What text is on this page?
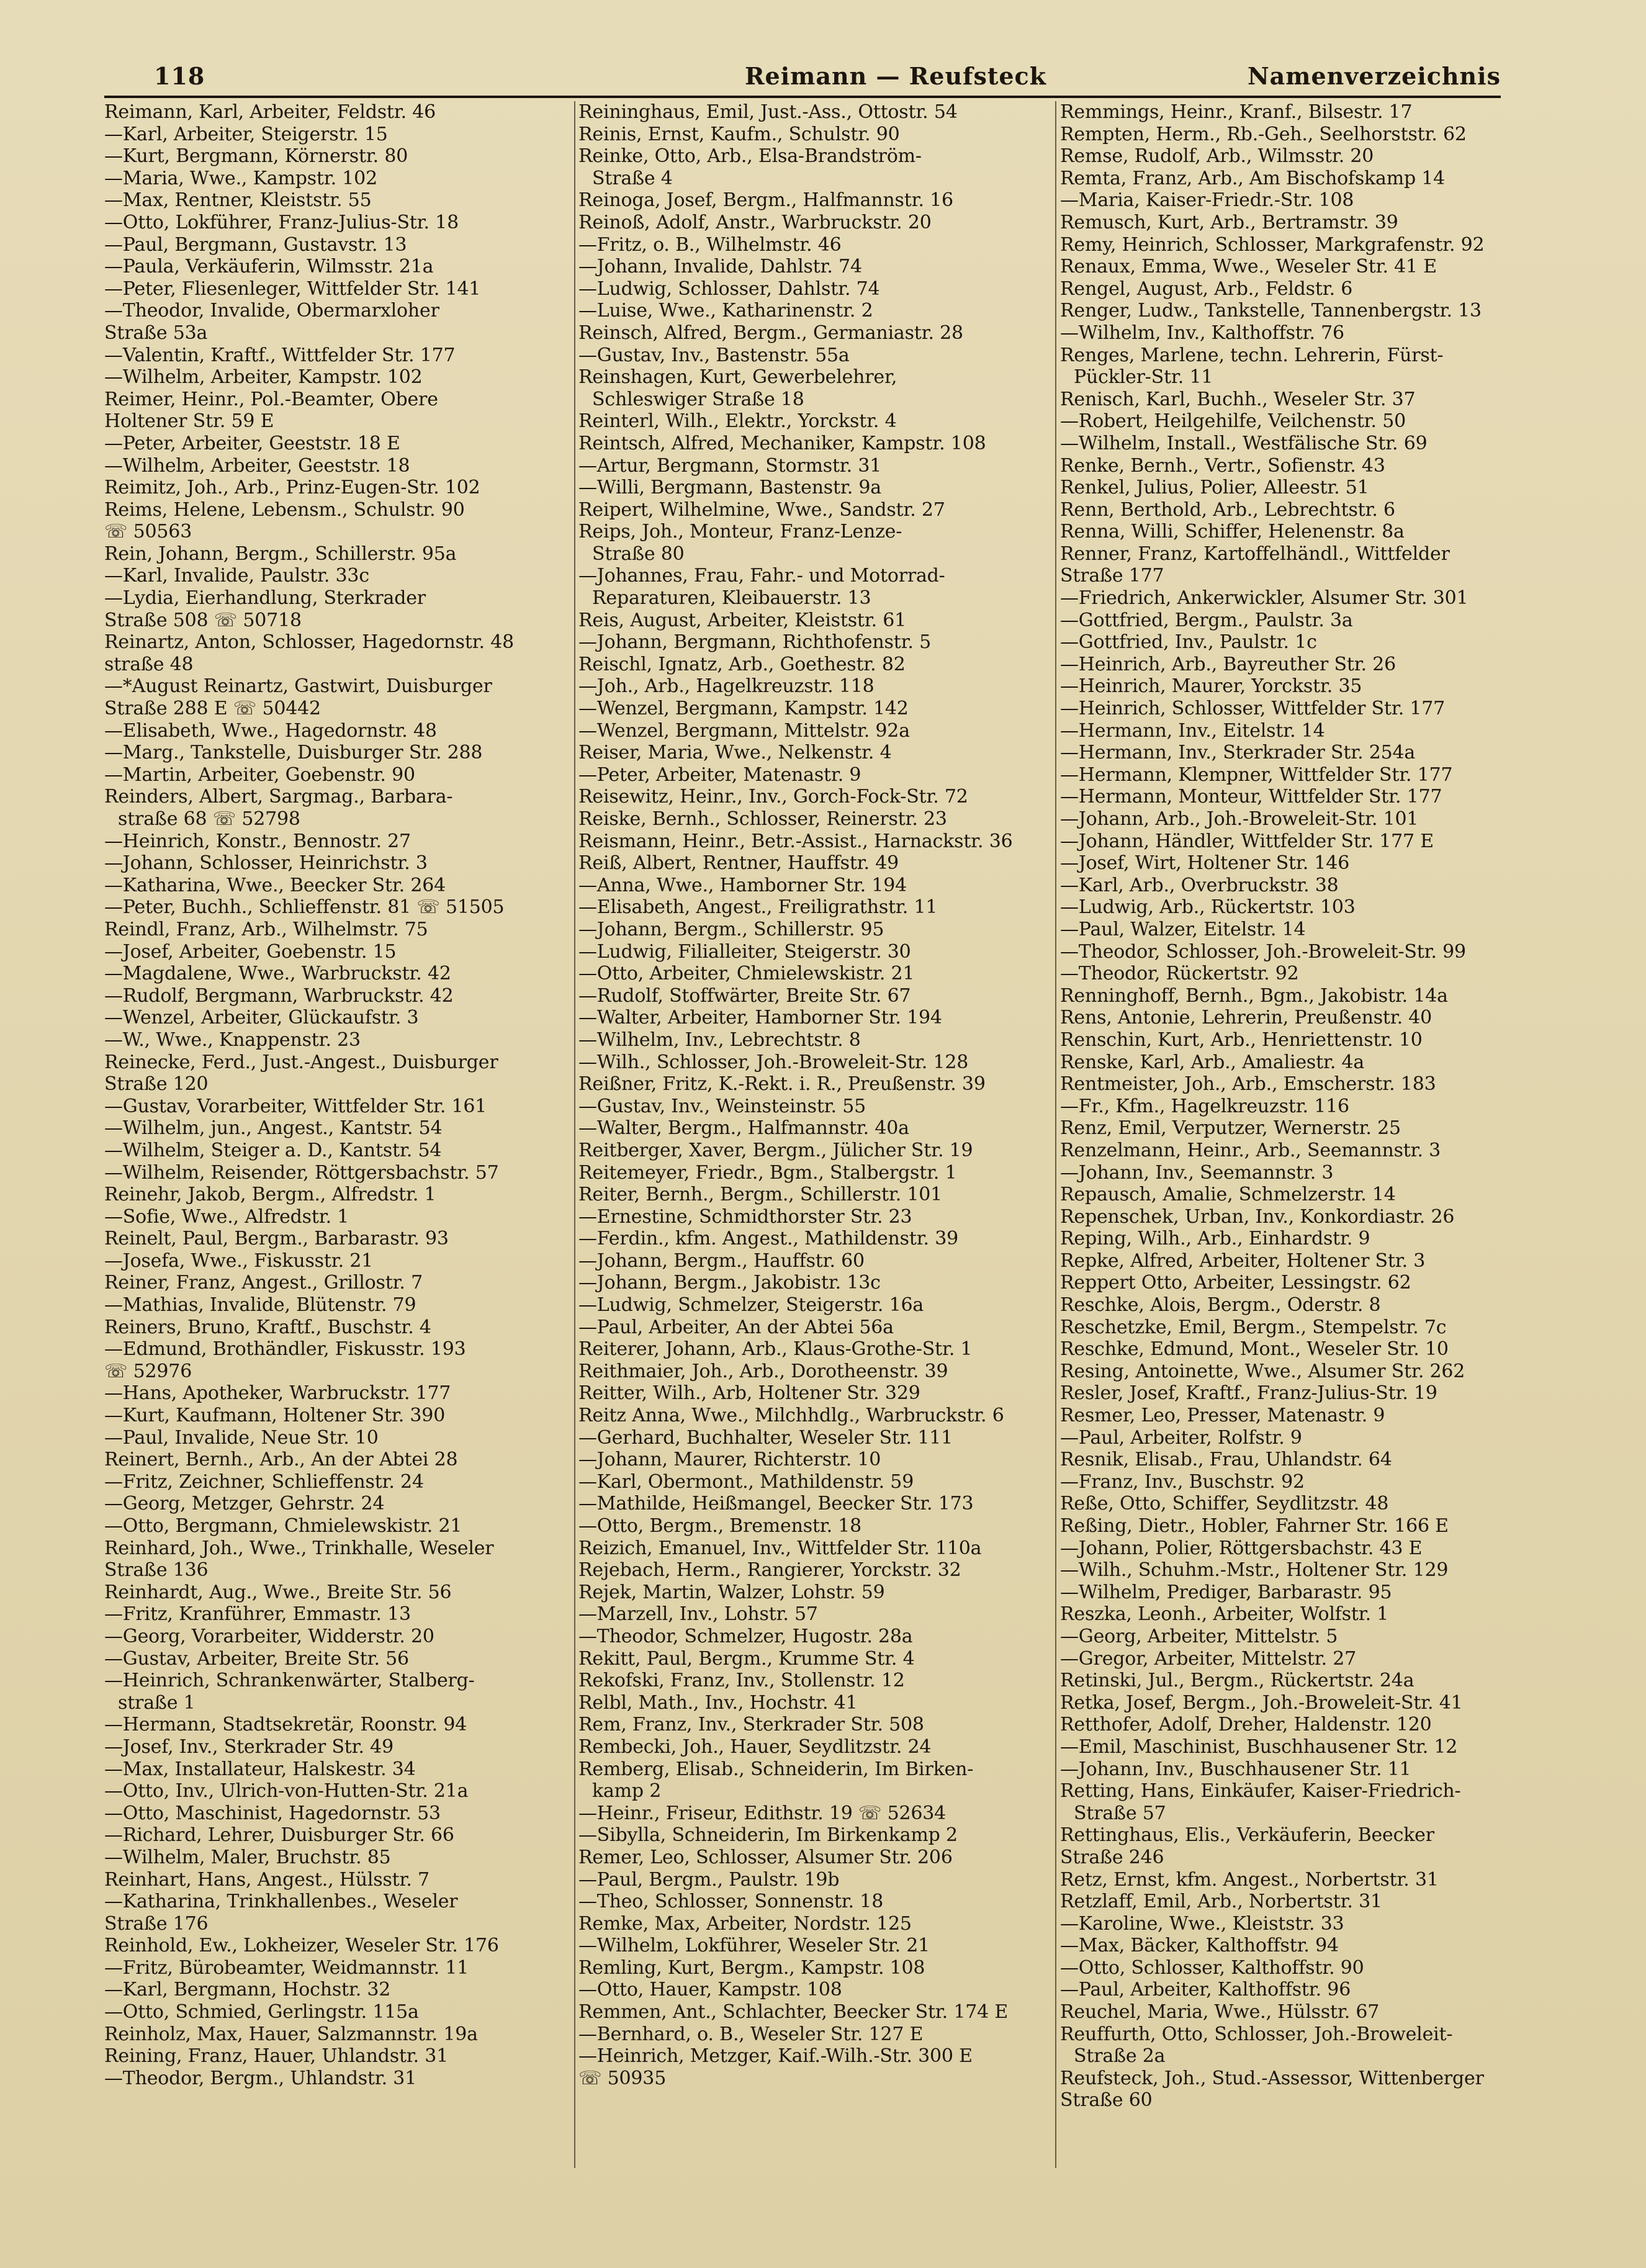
118	Reimann — Reufsteck	Namenverzeichnis
Reimann, Karl, Arbeiter, Feldstr. 46
—Karl, Arbeiter, Steigerstr. 15
—Kurt, Bergmann, Körnerstr. 80
—Maria, Wwe., Kampstr. 102
—Max, Rentner, Kleiststr. 55
—Otto, Lokführer, Franz-Julius-Str. 18
—Paul, Bergmann, Gustavstr. 13
—Paula, Verkäuferin, Wilmsstr. 21a
—Peter, Fliesenleger, Wittfelder Str. 141
—Theodor, Invalide, Obermarxloher
Straße 53a
—Valentin, Kraftf., Wittfelder Str. 177
—Wilhelm, Arbeiter, Kampstr. 102
Reimer, Heinr., Pol.-Beamter, Obere
Holtener Str. 59 E
—Peter, Arbeiter, Geeststr. 18 E
—Wilhelm, Arbeiter, Geeststr. 18
Reimitz, Joh., Arb., Prinz-Eugen-Str. 102
Reims, Helene, Lebensm., Schulstr. 90
☏ 50563
Rein, Johann, Bergm., Schillerstr. 95a
—Karl, Invalide, Paulstr. 33c
—Lydia, Eierhandlung, Sterkrader
Straße 508 ☏ 50718
Reinartz, Anton, Schlosser, Hagedornstr. 48
straße 48
—*August Reinartz, Gastwirt, Duisburger
Straße 288 E ☏ 50442
—Elisabeth, Wwe., Hagedornstr. 48
—Marg., Tankstelle, Duisburger Str. 288
—Martin, Arbeiter, Goebenstr. 90
Reinders, Albert, Sargmag., Barbara-
straße 68 ☏ 52798
—Heinrich, Konstr., Bennostr. 27
—Johann, Schlosser, Heinrichstr. 3
—Katharina, Wwe., Beecker Str. 264
—Peter, Buchh., Schlieffenstr. 81 ☏ 51505
Reindl, Franz, Arb., Wilhelmstr. 75
—Josef, Arbeiter, Goebenstr. 15
—Magdalene, Wwe., Warbruckstr. 42
—Rudolf, Bergmann, Warbruckstr. 42
—Wenzel, Arbeiter, Glückaufstr. 3
—W., Wwe., Knappenstr. 23
Reinecke, Ferd., Just.-Angest., Duisburger
Straße 120
—Gustav, Vorarbeiter, Wittfelder Str. 161
—Wilhelm, jun., Angest., Kantstr. 54
—Wilhelm, Steiger a. D., Kantstr. 54
—Wilhelm, Reisender, Röttgersbachstr. 57
Reinehr, Jakob, Bergm., Alfredstr. 1
—Sofie, Wwe., Alfredstr. 1
Reinelt, Paul, Bergm., Barbarastr. 93
—Josefa, Wwe., Fiskusstr. 21
Reiner, Franz, Angest., Grillostr. 7
—Mathias, Invalide, Blütenstr. 79
Reiners, Bruno, Kraftf., Buschstr. 4
—Edmund, Brothändler, Fiskusstr. 193
☏ 52976
—Hans, Apotheker, Warbruckstr. 177
—Kurt, Kaufmann, Holtener Str. 390
—Paul, Invalide, Neue Str. 10
Reinert, Bernh., Arb., An der Abtei 28
—Fritz, Zeichner, Schlieffenstr. 24
—Georg, Metzger, Gehrstr. 24
—Otto, Bergmann, Chmielewskistr. 21
Reinhard, Joh., Wwe., Trinkhalle, Weseler
Straße 136
Reinhardt, Aug., Wwe., Breite Str. 56
—Fritz, Kranführer, Emmastr. 13
—Georg, Vorarbeiter, Widderstr. 20
—Gustav, Arbeiter, Breite Str. 56
—Heinrich, Schrankenwärter, Stalberg-
straße 1
—Hermann, Stadtsekretär, Roonstr. 94
—Josef, Inv., Sterkrader Str. 49
—Max, Installateur, Halskestr. 34
—Otto, Inv., Ulrich-von-Hutten-Str. 21a
—Otto, Maschinist, Hagedornstr. 53
—Richard, Lehrer, Duisburger Str. 66
—Wilhelm, Maler, Bruchstr. 85
Reinhart, Hans, Angest., Hülsstr. 7
—Katharina, Trinkhallenbes., Weseler
Straße 176
Reinhold, Ew., Lokheizer, Weseler Str. 176
—Fritz, Bürobeamter, Weidmannstr. 11
—Karl, Bergmann, Hochstr. 32
—Otto, Schmied, Gerlingstr. 115a
Reinholz, Max, Hauer, Salzmannstr. 19a
Reining, Franz, Hauer, Uhlandstr. 31
—Theodor, Bergm., Uhlandstr. 31
Reininghaus, Emil, Just.-Ass., Ottostr. 54
Reinis, Ernst, Kaufm., Schulstr. 90
Reinke, Otto, Arb., Elsa-Brandström-
Straße 4
Reinoga, Josef, Bergm., Halfmannstr. 16
Reinoß, Adolf, Anstr., Warbruckstr. 20
—Fritz, o. B., Wilhelmstr. 46
—Johann, Invalide, Dahlstr. 74
—Ludwig, Schlosser, Dahlstr. 74
—Luise, Wwe., Katharinenstr. 2
Reinsch, Alfred, Bergm., Germaniastr. 28
—Gustav, Inv., Bastenstr. 55a
Reinshagen, Kurt, Gewerbelehrer,
Schleswiger Straße 18
Reinterl, Wilh., Elektr., Yorckstr. 4
Reintsch, Alfred, Mechaniker, Kampstr. 108
—Artur, Bergmann, Stormstr. 31
—Willi, Bergmann, Bastenstr. 9a
Reipert, Wilhelmine, Wwe., Sandstr. 27
Reips, Joh., Monteur, Franz-Lenze-
Straße 80
—Johannes, Frau, Fahr.- und Motorrad-
Reparaturen, Kleibauerstr. 13
Reis, August, Arbeiter, Kleiststr. 61
—Johann, Bergmann, Richthofenstr. 5
Reischl, Ignatz, Arb., Goethestr. 82
—Joh., Arb., Hagelkreuzstr. 118
—Wenzel, Bergmann, Kampstr. 142
—Wenzel, Bergmann, Mittelstr. 92a
Reiser, Maria, Wwe., Nelkenstr. 4
—Peter, Arbeiter, Matenastr. 9
Reisewitz, Heinr., Inv., Gorch-Fock-Str. 72
Reiske, Bernh., Schlosser, Reinerstr. 23
Reismann, Heinr., Betr.-Assist., Harnackstr. 36
Reiß, Albert, Rentner, Hauffstr. 49
—Anna, Wwe., Hamborner Str. 194
—Elisabeth, Angest., Freiligrathstr. 11
—Johann, Bergm., Schillerstr. 95
—Ludwig, Filialleiter, Steigerstr. 30
—Otto, Arbeiter, Chmielewskistr. 21
—Rudolf, Stoffwärter, Breite Str. 67
—Walter, Arbeiter, Hamborner Str. 194
—Wilhelm, Inv., Lebrechtstr. 8
—Wilh., Schlosser, Joh.-Broweleit-Str. 128
Reißner, Fritz, K.-Rekt. i. R., Preußenstr. 39
—Gustav, Inv., Weinsteinstr. 55
—Walter, Bergm., Halfmannstr. 40a
Reitberger, Xaver, Bergm., Jülicher Str. 19
Reitemeyer, Friedr., Bgm., Stalbergstr. 1
Reiter, Bernh., Bergm., Schillerstr. 101
—Ernestine, Schmidthorster Str. 23
—Ferdin., kfm. Angest., Mathildenstr. 39
—Johann, Bergm., Hauffstr. 60
—Johann, Bergm., Jakobistr. 13c
—Ludwig, Schmelzer, Steigerstr. 16a
—Paul, Arbeiter, An der Abtei 56a
Reiterer, Johann, Arb., Klaus-Grothe-Str. 1
Reithmaier, Joh., Arb., Dorotheenstr. 39
Reitter, Wilh., Arb, Holtener Str. 329
Reitz Anna, Wwe., Milchhdlg., Warbruckstr. 6
—Gerhard, Buchhalter, Weseler Str. 111
—Johann, Maurer, Richterstr. 10
—Karl, Obermont., Mathildenstr. 59
—Mathilde, Heißmangel, Beecker Str. 173
—Otto, Bergm., Bremenstr. 18
Reizich, Emanuel, Inv., Wittfelder Str. 110a
Rejebach, Herm., Rangierer, Yorckstr. 32
Rejek, Martin, Walzer, Lohstr. 59
—Marzell, Inv., Lohstr. 57
—Theodor, Schmelzer, Hugostr. 28a
Rekitt, Paul, Bergm., Krumme Str. 4
Rekofski, Franz, Inv., Stollenstr. 12
Relbl, Math., Inv., Hochstr. 41
Rem, Franz, Inv., Sterkrader Str. 508
Rembecki, Joh., Hauer, Seydlitzstr. 24
Remberg, Elisab., Schneiderin, Im Birken-
kamp 2
—Heinr., Friseur, Edithstr. 19 ☏ 52634
—Sibylla, Schneiderin, Im Birkenkamp 2
Remer, Leo, Schlosser, Alsumer Str. 206
—Paul, Bergm., Paulstr. 19b
—Theo, Schlosser, Sonnenstr. 18
Remke, Max, Arbeiter, Nordstr. 125
—Wilhelm, Lokführer, Weseler Str. 21
Remling, Kurt, Bergm., Kampstr. 108
—Otto, Hauer, Kampstr. 108
Remmen, Ant., Schlachter, Beecker Str. 174 E
—Bernhard, o. B., Weseler Str. 127 E
—Heinrich, Metzger, Kaif.-Wilh.-Str. 300 E
☏ 50935
Remmings, Heinr., Kranf., Bilsestr. 17
Rempten, Herm., Rb.-Geh., Seelhorststr. 62
Remse, Rudolf, Arb., Wilmsstr. 20
Remta, Franz, Arb., Am Bischofskamp 14
—Maria, Kaiser-Friedr.-Str. 108
Remusch, Kurt, Arb., Bertramstr. 39
Remy, Heinrich, Schlosser, Markgrafenstr. 92
Renaux, Emma, Wwe., Weseler Str. 41 E
Rengel, August, Arb., Feldstr. 6
Renger, Ludw., Tankstelle, Tannenbergstr. 13
—Wilhelm, Inv., Kalthoffstr. 76
Renges, Marlene, techn. Lehrerin, Fürst-
Pückler-Str. 11
Renisch, Karl, Buchh., Weseler Str. 37
—Robert, Heilgehilfe, Veilchenstr. 50
—Wilhelm, Install., Westfälische Str. 69
Renke, Bernh., Vertr., Sofienstr. 43
Renkel, Julius, Polier, Alleestr. 51
Renn, Berthold, Arb., Lebrechtstr. 6
Renna, Willi, Schiffer, Helenenstr. 8a
Renner, Franz, Kartoffelhändl., Wittfelder
Straße 177
—Friedrich, Ankerwickler, Alsumer Str. 301
—Gottfried, Bergm., Paulstr. 3a
—Gottfried, Inv., Paulstr. 1c
—Heinrich, Arb., Bayreuther Str. 26
—Heinrich, Maurer, Yorckstr. 35
—Heinrich, Schlosser, Wittfelder Str. 177
—Hermann, Inv., Eitelstr. 14
—Hermann, Inv., Sterkrader Str. 254a
—Hermann, Klempner, Wittfelder Str. 177
—Hermann, Monteur, Wittfelder Str. 177
—Johann, Arb., Joh.-Broweleit-Str. 101
—Johann, Händler, Wittfelder Str. 177 E
—Josef, Wirt, Holtener Str. 146
—Karl, Arb., Overbruckstr. 38
—Ludwig, Arb., Rückertstr. 103
—Paul, Walzer, Eitelstr. 14
—Theodor, Schlosser, Joh.-Broweleit-Str. 99
—Theodor, Rückertstr. 92
Renninghoff, Bernh., Bgm., Jakobistr. 14a
Rens, Antonie, Lehrerin, Preußenstr. 40
Renschin, Kurt, Arb., Henriettenstr. 10
Renske, Karl, Arb., Amaliestr. 4a
Rentmeister, Joh., Arb., Emscherstr. 183
—Fr., Kfm., Hagelkreuzstr. 116
Renz, Emil, Verputzer, Wernerstr. 25
Renzelmann, Heinr., Arb., Seemannstr. 3
—Johann, Inv., Seemannstr. 3
Repausch, Amalie, Schmelzerstr. 14
Repenschek, Urban, Inv., Konkordiastr. 26
Reping, Wilh., Arb., Einhardstr. 9
Repke, Alfred, Arbeiter, Holtener Str. 3
Reppert Otto, Arbeiter, Lessingstr. 62
Reschke, Alois, Bergm., Oderstr. 8
Reschetzke, Emil, Bergm., Stempelstr. 7c
Reschke, Edmund, Mont., Weseler Str. 10
Resing, Antoinette, Wwe., Alsumer Str. 262
Resler, Josef, Kraftf., Franz-Julius-Str. 19
Resmer, Leo, Presser, Matenastr. 9
—Paul, Arbeiter, Rolfstr. 9
Resnik, Elisab., Frau, Uhlandstr. 64
—Franz, Inv., Buschstr. 92
Reße, Otto, Schiffer, Seydlitzstr. 48
Reßing, Dietr., Hobler, Fahrner Str. 166 E
—Johann, Polier, Röttgersbachstr. 43 E
—Wilh., Schuhm.-Mstr., Holtener Str. 129
—Wilhelm, Prediger, Barbarastr. 95
Reszka, Leonh., Arbeiter, Wolfstr. 1
—Georg, Arbeiter, Mittelstr. 5
—Gregor, Arbeiter, Mittelstr. 27
Retinski, Jul., Bergm., Rückertstr. 24a
Retka, Josef, Bergm., Joh.-Broweleit-Str. 41
Retthofer, Adolf, Dreher, Haldenstr. 120
—Emil, Maschinist, Buschhausener Str. 12
—Johann, Inv., Buschhausener Str. 11
Retting, Hans, Einkäufer, Kaiser-Friedrich-
Straße 57
Rettinghaus, Elis., Verkäuferin, Beecker
Straße 246
Retz, Ernst, kfm. Angest., Norbertstr. 31
Retzlaff, Emil, Arb., Norbertstr. 31
—Karoline, Wwe., Kleiststr. 33
—Max, Bäcker, Kalthoffstr. 94
—Otto, Schlosser, Kalthoffstr. 90
—Paul, Arbeiter, Kalthoffstr. 96
Reuchel, Maria, Wwe., Hülsstr. 67
Reuffurth, Otto, Schlosser, Joh.-Broweleit-
Straße 2a
Reufsteck, Joh., Stud.-Assessor, Wittenberger
Straße 60
